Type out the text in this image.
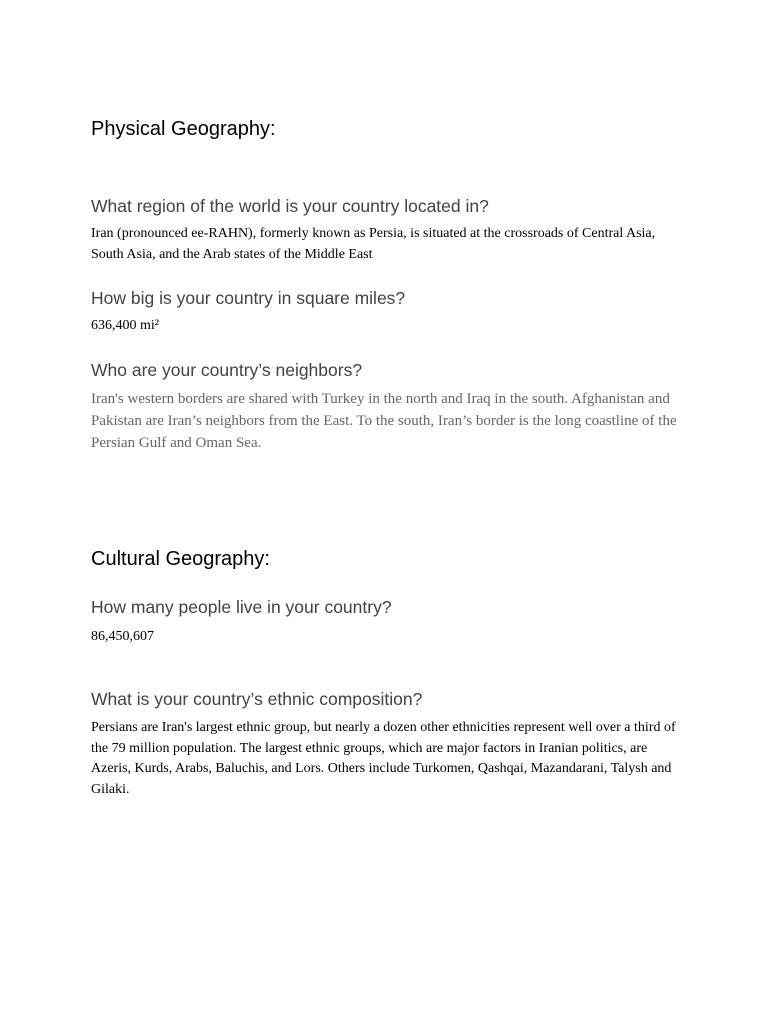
Physical Geography:
What region of the world is your country located in?

Iran (pronounced ee-RAHN), formerly known as Persia, is situated at the crossroads of Central Asia, South Asia, and the Arab states of the Middle East

How big is your country in square miles?

636,400 mi²

Who are your country’s neighbors?

Iran's western borders are shared with Turkey in the north and Iraq in the south. Afghanistan and Pakistan are Iran’s neighbors from the East. To the south, Iran’s border is the long coastline of the Persian Gulf and Oman Sea.

Cultural Geography:
How many people live in your country?

86,450,607

What is your country’s ethnic composition?

Persians are Iran's largest ethnic group, but nearly a dozen other ethnicities represent well over a third of the 79 million population. The largest ethnic groups, which are major factors in Iranian politics, are Azeris, Kurds, Arabs, Baluchis, and Lors. Others include Turkomen, Qashqai, Mazandarani, Talysh and Gilaki.
